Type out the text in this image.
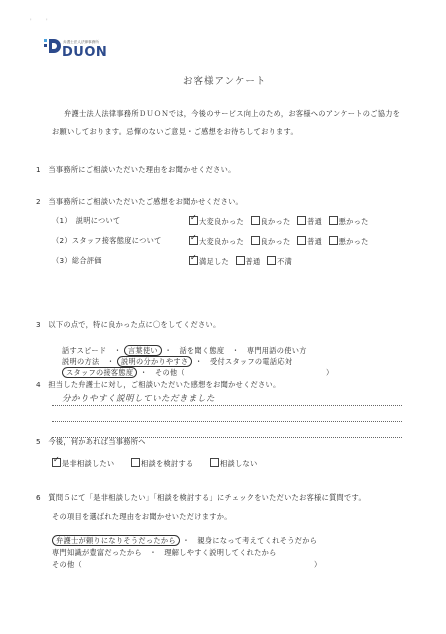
' '
弁護士法人法律事務所
DUON
お客様アンケート
弁護士法人法律事務所ＤＵＯＮでは，今後のサービス向上のため，お客様へのアンケートのご協力を
お願いしております。忌憚のないご意見・ご感想をお待ちしております。
1　当事務所にご相談いただいた理由をお聞かせください。
2　当事務所にご相談いただいたご感想をお聞かせください。
（1）　説明について ✓	大変良かった 良かった 普通 悪かった
（2）スタッフ接客態度について ✓	大変良かった 良かった 普通 悪かった
（3）総合評価 ✓	満足した 普通 不満
3　以下の点で，特に良かった点に〇をしてください。
話すスピード　・ 言葉使い ・　話を聞く態度　・　専門用語の使い方
説明の方法　・ 説明の分かりやすさ ・　受付スタッフの電話応対
スタッフの接客態度 ・　その他（	）
4　担当した弁護士に対し，ご相談いただいた感想をお聞かせください。
分かりやすく説明していただきました
5　今後，何かあれば当事務所へ
✓是非相談したい	相談を検討する	相談しない
6　質問５にて「是非相談したい」「相談を検討する」にチェックをいただいたお客様に質問です。
その項目を選ばれた理由をお聞かせいただけますか。
弁護士が頼りになりそうだったから ・　親身になって考えてくれそうだから
専門知識が豊富だったから　・　理解しやすく説明してくれたから
その他（	）
